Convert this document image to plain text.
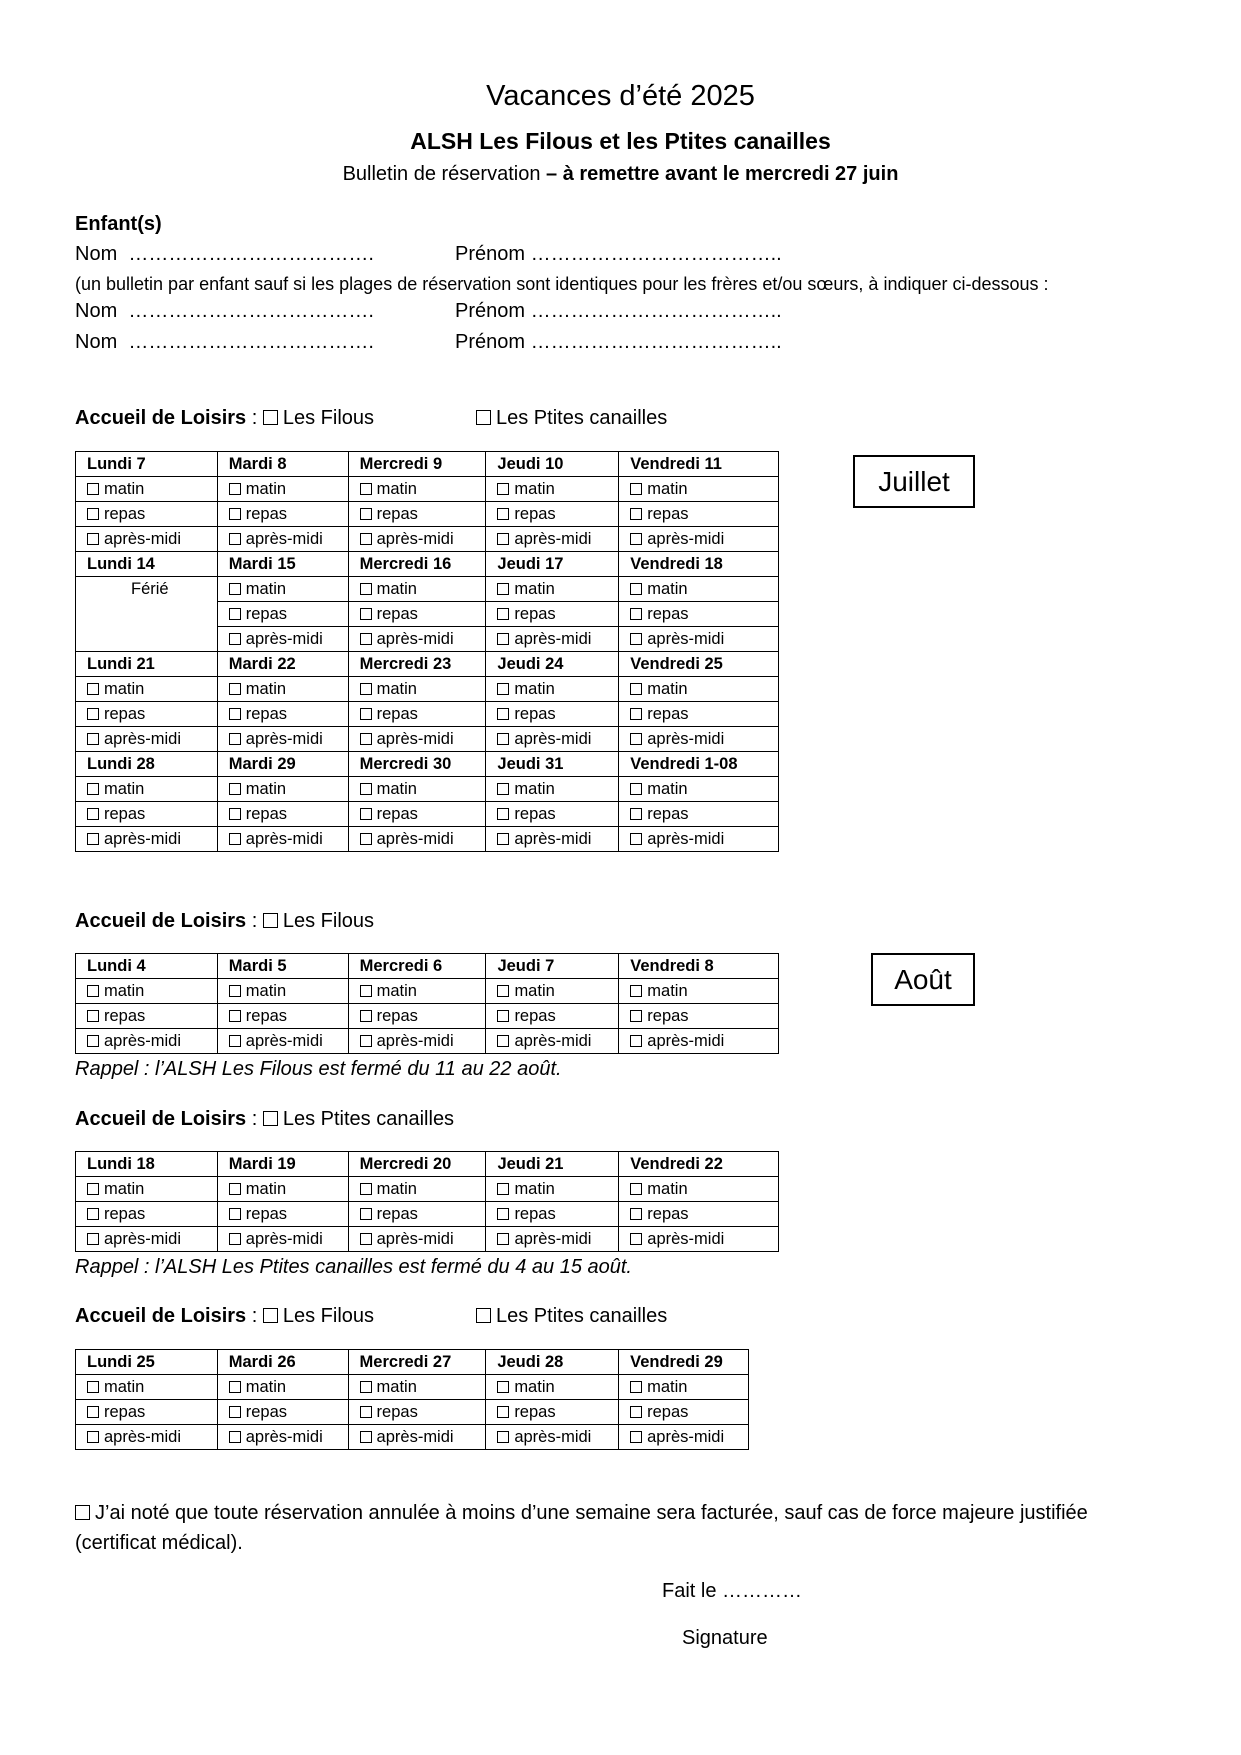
Vacances d’été 2025
ALSH Les Filous et les Ptites canailles
Bulletin de réservation – à remettre avant le mercredi 27 juin
Enfant(s)
Nom ……………………………….	Prénom ………………………………..
(un bulletin par enfant sauf si les plages de réservation sont identiques pour les frères et/ou sœurs, à indiquer ci-dessous :
Nom ……………………………….	Prénom ………………………………..
Nom ……………………………….	Prénom ………………………………..
Accueil de Loisirs : Les Filous	Les Ptites canailles
Juillet
Lundi 7	Mardi 8	Mercredi 9	Jeudi 10	Vendredi 11
matin	matin	matin	matin	matin
repas	repas	repas	repas	repas
après-midi	après-midi	après-midi	après-midi	après-midi
Lundi 14	Mardi 15	Mercredi 16	Jeudi 17	Vendredi 18
Férié	matin	matin	matin	matin
	repas	repas	repas	repas
	après-midi	après-midi	après-midi	après-midi
Lundi 21	Mardi 22	Mercredi 23	Jeudi 24	Vendredi 25
matin	matin	matin	matin	matin
repas	repas	repas	repas	repas
après-midi	après-midi	après-midi	après-midi	après-midi
Lundi 28	Mardi 29	Mercredi 30	Jeudi 31	Vendredi 1-08
matin	matin	matin	matin	matin
repas	repas	repas	repas	repas
après-midi	après-midi	après-midi	après-midi	après-midi
Accueil de Loisirs : Les Filous
Août
Lundi 4	Mardi 5	Mercredi 6	Jeudi 7	Vendredi 8
matin	matin	matin	matin	matin
repas	repas	repas	repas	repas
après-midi	après-midi	après-midi	après-midi	après-midi
Rappel : l’ALSH Les Filous est fermé du 11 au 22 août.
Accueil de Loisirs : Les Ptites canailles
Lundi 18	Mardi 19	Mercredi 20	Jeudi 21	Vendredi 22
matin	matin	matin	matin	matin
repas	repas	repas	repas	repas
après-midi	après-midi	après-midi	après-midi	après-midi
Rappel : l’ALSH Les Ptites canailles est fermé du 4 au 15 août.
Accueil de Loisirs : Les Filous	Les Ptites canailles
Lundi 25	Mardi 26	Mercredi 27	Jeudi 28	Vendredi 29
matin	matin	matin	matin	matin
repas	repas	repas	repas	repas
après-midi	après-midi	après-midi	après-midi	après-midi
J’ai noté que toute réservation annulée à moins d’une semaine sera facturée, sauf cas de force majeure justifiée
(certificat médical).
Fait le …………
Signature
